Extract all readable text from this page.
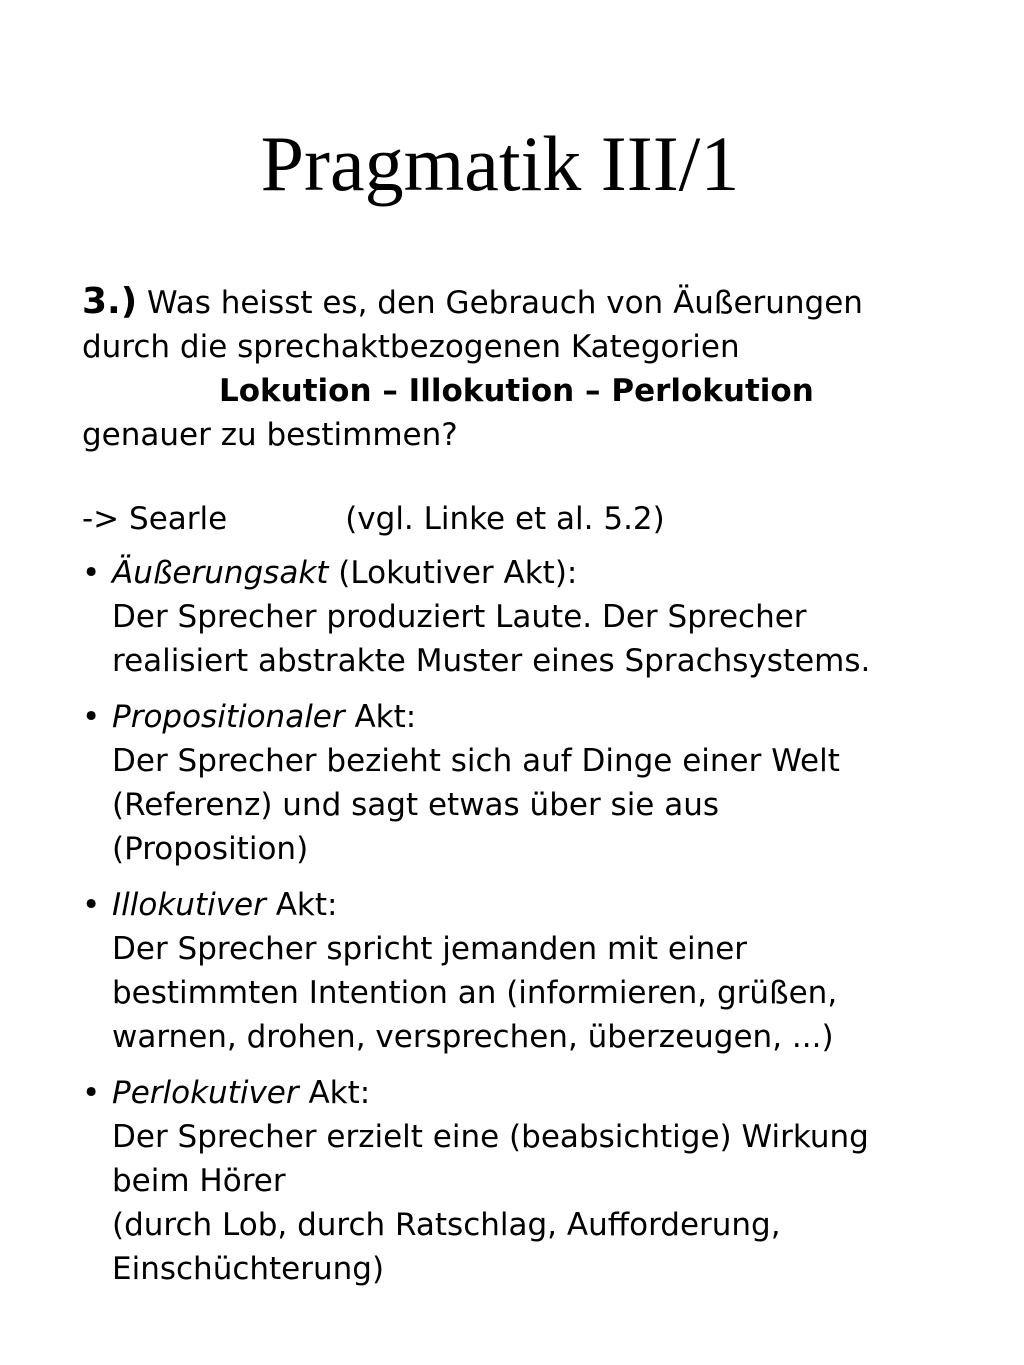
Pragmatik III/1
3.) Was heisst es, den Gebrauch von Äußerungen
durch die sprechaktbezogenen Kategorien
Lokution – Illokution – Perlokution
genauer zu bestimmen?
-> Searle	(vgl. Linke et al. 5.2)
• Äußerungsakt (Lokutiver Akt):
Der Sprecher produziert Laute. Der Sprecher
realisiert abstrakte Muster eines Sprachsystems.
• Propositionaler Akt:
Der Sprecher bezieht sich auf Dinge einer Welt
(Referenz) und sagt etwas über sie aus
(Proposition)
• Illokutiver Akt:
Der Sprecher spricht jemanden mit einer
bestimmten Intention an (informieren, grüßen,
warnen, drohen, versprechen, überzeugen, ...)
• Perlokutiver Akt:
Der Sprecher erzielt eine (beabsichtige) Wirkung
beim Hörer
(durch Lob, durch Ratschlag, Aufforderung,
Einschüchterung)
